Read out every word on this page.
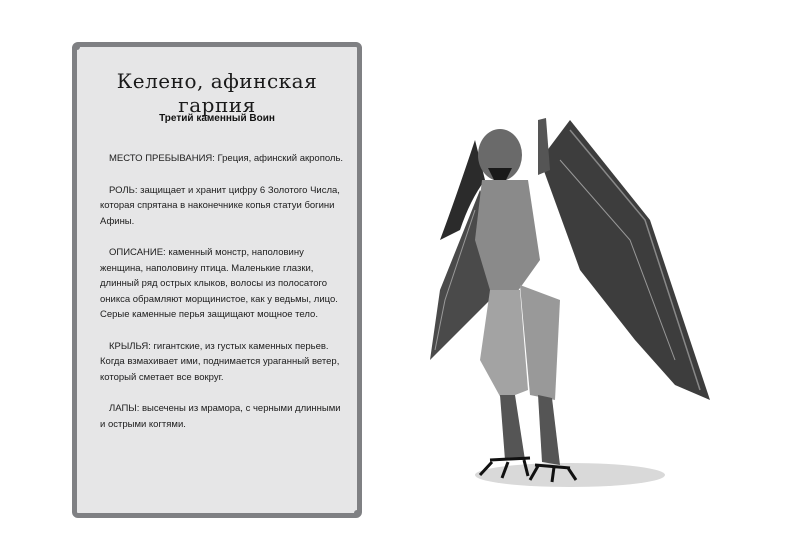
Келено, афинская гарпия
Третий каменный Воин

МЕСТО ПРЕБЫВАНИЯ: Греция, афинский акрополь.

РОЛЬ: защищает и хранит цифру 6 Золотого Числа, которая спрятана в наконечнике копья статуи богини Афины.

ОПИСАНИЕ: каменный монстр, наполовину женщина, наполовину птица. Маленькие глазки, длинный ряд острых клыков, волосы из полосатого оникса обрамляют морщинистое, как у ведьмы, лицо. Серые каменные перья защищают мощное тело.

КРЫЛЬЯ: гигантские, из густых каменных перьев. Когда взмахивает ими, поднимается ураганный ветер, который сметает все вокруг.

ЛАПЫ: высечены из мрамора, с черными длинными и острыми когтями.
